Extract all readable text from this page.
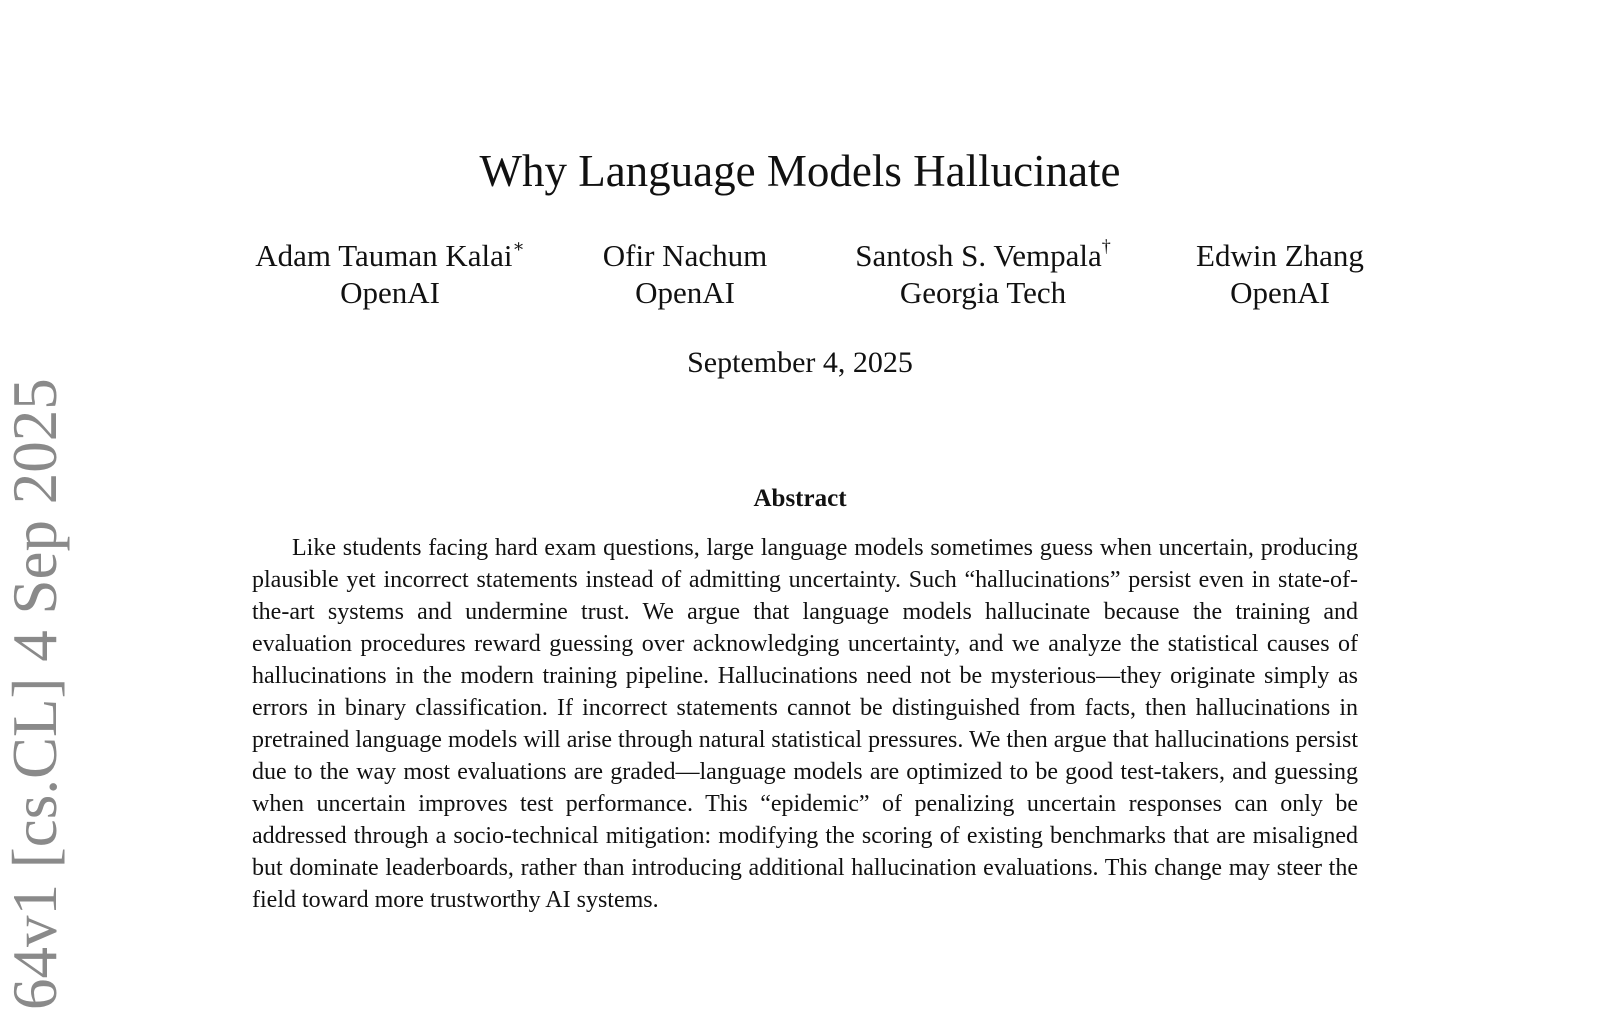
64v1 [cs.CL] 4 Sep 2025
Why Language Models Hallucinate
Adam Tauman Kalai∗
OpenAI
Ofir Nachum
OpenAI
Santosh S. Vempala†
Georgia Tech
Edwin Zhang
OpenAI
September 4, 2025
Abstract

Like students facing hard exam questions, large language models sometimes guess when uncertain, producing plausible yet incorrect statements instead of admitting uncertainty. Such “hallucinations” persist even in state-of-the-art systems and undermine trust. We argue that language models hallucinate because the training and evaluation procedures reward guessing over acknowledging uncertainty, and we analyze the statistical causes of hallucinations in the modern training pipeline. Hallucinations need not be mysterious—they originate simply as errors in binary classification. If incorrect statements cannot be distinguished from facts, then hallucinations in pretrained language models will arise through natural statistical pressures. We then argue that hallucinations persist due to the way most evaluations are graded—language models are optimized to be good test-takers, and guessing when uncertain improves test performance. This “epidemic” of penalizing uncertain responses can only be addressed through a socio-technical mitigation: modifying the scoring of existing benchmarks that are misaligned but dominate leaderboards, rather than introducing additional hallucination evaluations. This change may steer the field toward more trustworthy AI systems.
